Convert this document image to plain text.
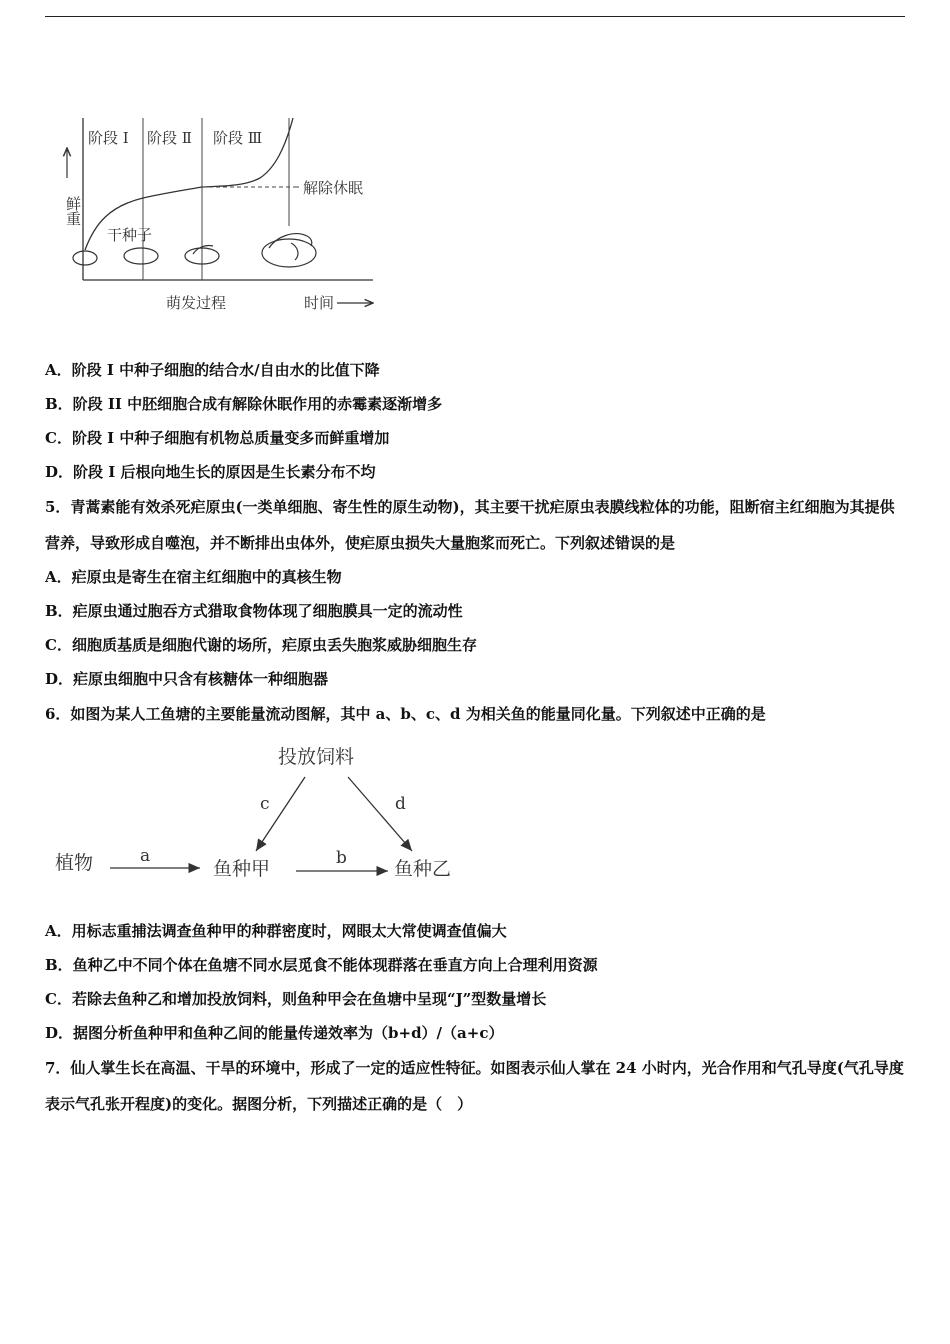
阶段 Ⅰ 阶段 Ⅱ 阶段 Ⅲ
解除休眠
鲜重
干种子
萌发过程	时间
A．阶段 I 中种子细胞的结合水/自由水的比值下降
B．阶段 II 中胚细胞合成有解除休眠作用的赤霉素逐渐增多
C．阶段 I 中种子细胞有机物总质量变多而鲜重增加
D．阶段 I 后根向地生长的原因是生长素分布不均
5．青蒿素能有效杀死疟原虫(一类单细胞、寄生性的原生动物)，其主要干扰疟原虫表膜线粒体的功能，阻断宿主红细胞为其提供营养，导致形成自噬泡，并不断排出虫体外，使疟原虫损失大量胞浆而死亡。下列叙述错误的是
A．疟原虫是寄生在宿主红细胞中的真核生物
B．疟原虫通过胞吞方式猎取食物体现了细胞膜具一定的流动性
C．细胞质基质是细胞代谢的场所，疟原虫丢失胞浆威胁细胞生存
D．疟原虫细胞中只含有核糖体一种细胞器
6．如图为某人工鱼塘的主要能量流动图解，其中 a、b、c、d 为相关鱼的能量同化量。下列叙述中正确的是
投放饲料
植物	鱼种甲	鱼种乙
c	d
a	b
A．用标志重捕法调查鱼种甲的种群密度时，网眼太大常使调查值偏大
B．鱼种乙中不同个体在鱼塘不同水层觅食不能体现群落在垂直方向上合理利用资源
C．若除去鱼种乙和增加投放饲料，则鱼种甲会在鱼塘中呈现“J”型数量增长
D．据图分析鱼种甲和鱼种乙间的能量传递效率为（b+d）/（a+c）
7．仙人掌生长在高温、干旱的环境中，形成了一定的适应性特征。如图表示仙人掌在 24 小时内，光合作用和气孔导度(气孔导度表示气孔张开程度)的变化。据图分析，下列描述正确的是（　）
